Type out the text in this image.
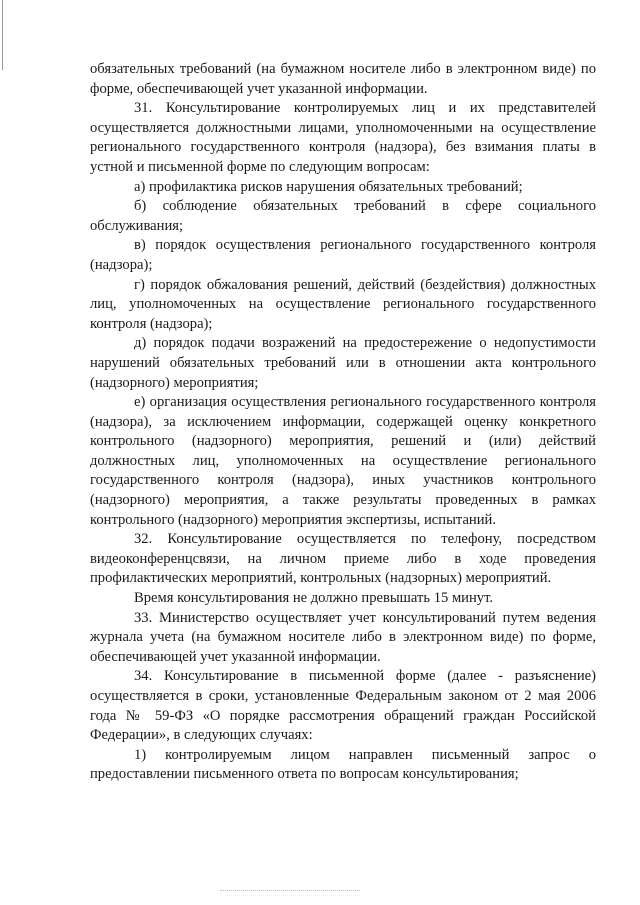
обязательных требований (на бумажном носителе либо в электронном виде) по форме, обеспечивающей учет указанной информации.

31. Консультирование контролируемых лиц и их представителей осуществляется должностными лицами, уполномоченными на осуществление регионального государственного контроля (надзора), без взимания платы в устной и письменной форме по следующим вопросам:

а) профилактика рисков нарушения обязательных требований;

б) соблюдение обязательных требований в сфере социального обслуживания;

в) порядок осуществления регионального государственного контроля (надзора);

г) порядок обжалования решений, действий (бездействия) должностных лиц, уполномоченных на осуществление регионального государственного контроля (надзора);

д) порядок подачи возражений на предостережение о недопустимости нарушений обязательных требований или в отношении акта контрольного (надзорного) мероприятия;

е) организация осуществления регионального государственного контроля (надзора), за исключением информации, содержащей оценку конкретного контрольного (надзорного) мероприятия, решений и (или) действий должностных лиц, уполномоченных на осуществление регионального государственного контроля (надзора), иных участников контрольного (надзорного) мероприятия, а также результаты проведенных в рамках контрольного (надзорного) мероприятия экспертизы, испытаний.

32. Консультирование осуществляется по телефону, посредством видеоконференцсвязи, на личном приеме либо в ходе проведения профилактических мероприятий, контрольных (надзорных) мероприятий.

Время консультирования не должно превышать 15 минут.

33. Министерство осуществляет учет консультирований путем ведения журнала учета (на бумажном носителе либо в электронном виде) по форме, обеспечивающей учет указанной информации.

34. Консультирование в письменной форме (далее - разъяснение) осуществляется в сроки, установленные Федеральным законом от 2 мая 2006 года № 59-ФЗ «О порядке рассмотрения обращений граждан Российской Федерации», в следующих случаях:

1) контролируемым лицом направлен письменный запрос о предоставлении письменного ответа по вопросам консультирования;
